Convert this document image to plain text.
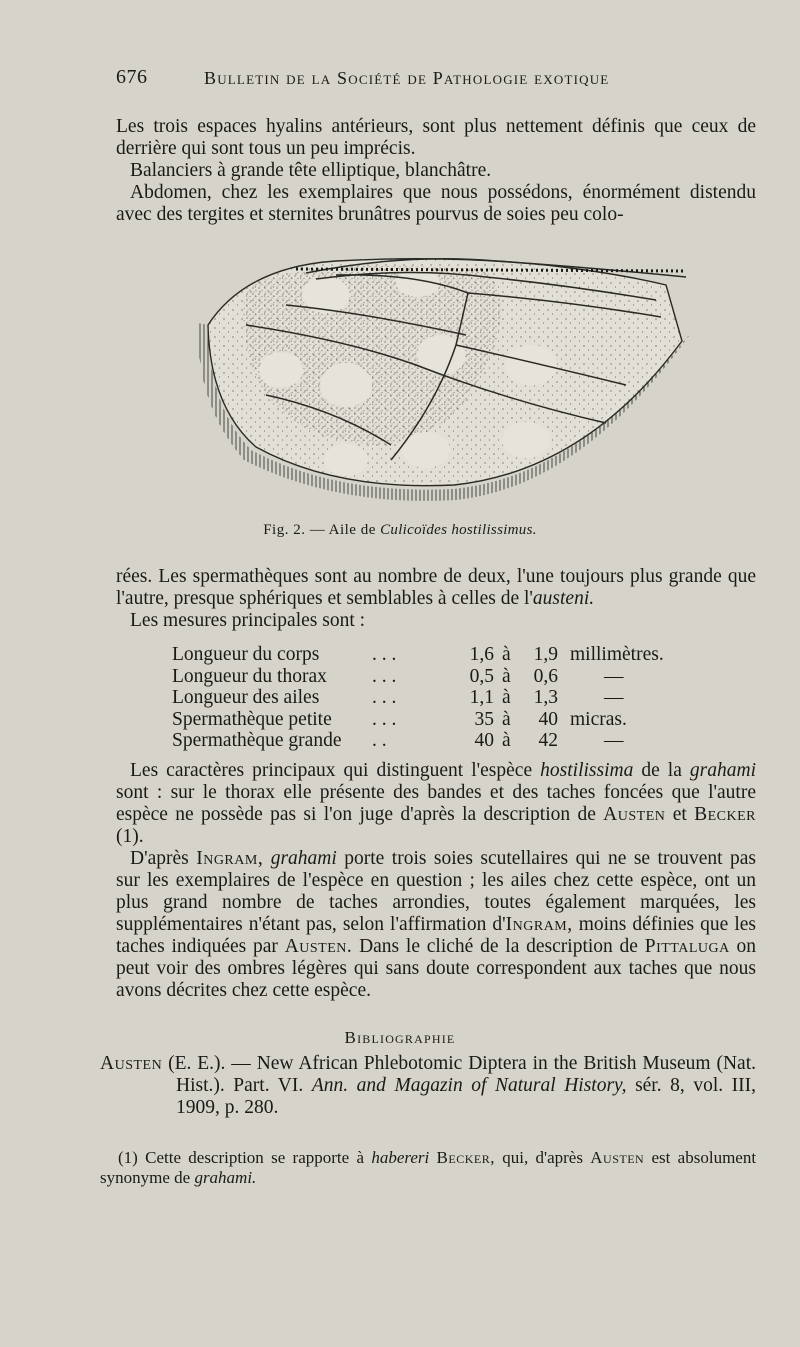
676	Bulletin de la Société de Pathologie exotique

Les trois espaces hyalins antérieurs, sont plus nettement définis que ceux de derrière qui sont tous un peu imprécis.

Balanciers à grande tête elliptique, blanchâtre.

Abdomen, chez les exemplaires que nous possédons, énormément distendu avec des tergites et sternites brunâtres pourvus de soies peu colo-

Fig. 2. — Aile de Culicoïdes hostilissimus.

rées. Les spermathèques sont au nombre de deux, l'une toujours plus grande que l'autre, presque sphériques et semblables à celles de l'austeni.

Les mesures principales sont :

Longueur du corps	. . .	1,6 à	1,9 millimètres.
Longueur du thorax . . .	0,5 à	0,6 —
Longueur des ailes	. . .	1,1 à	1,3 —
Spermathèque petite . . .	35 à	40 micras.
Spermathèque grande . .	40 à	42 —

Les caractères principaux qui distinguent l'espèce hostilissima de la grahami sont : sur le thorax elle présente des bandes et des taches foncées que l'autre espèce ne possède pas si l'on juge d'après la description de Austen et Becker (1).

D'après Ingram, grahami porte trois soies scutellaires qui ne se trouvent pas sur les exemplaires de l'espèce en question ; les ailes chez cette espèce, ont un plus grand nombre de taches arrondies, toutes également marquées, les supplémentaires n'étant pas, selon l'affirmation d'Ingram, moins définies que les taches indiquées par Austen. Dans le cliché de la description de Pittaluga on peut voir des ombres légères qui sans doute correspondent aux taches que nous avons décrites chez cette espèce.

Bibliographie

Austen (E. E.). — New African Phlebotomic Diptera in the British Museum (Nat. Hist.). Part. VI. Ann. and Magazin of Natural History, sér. 8, vol. III, 1909, p. 280.

(1) Cette description se rapporte à habereri Becker, qui, d'après Austen est absolument synonyme de grahami.
